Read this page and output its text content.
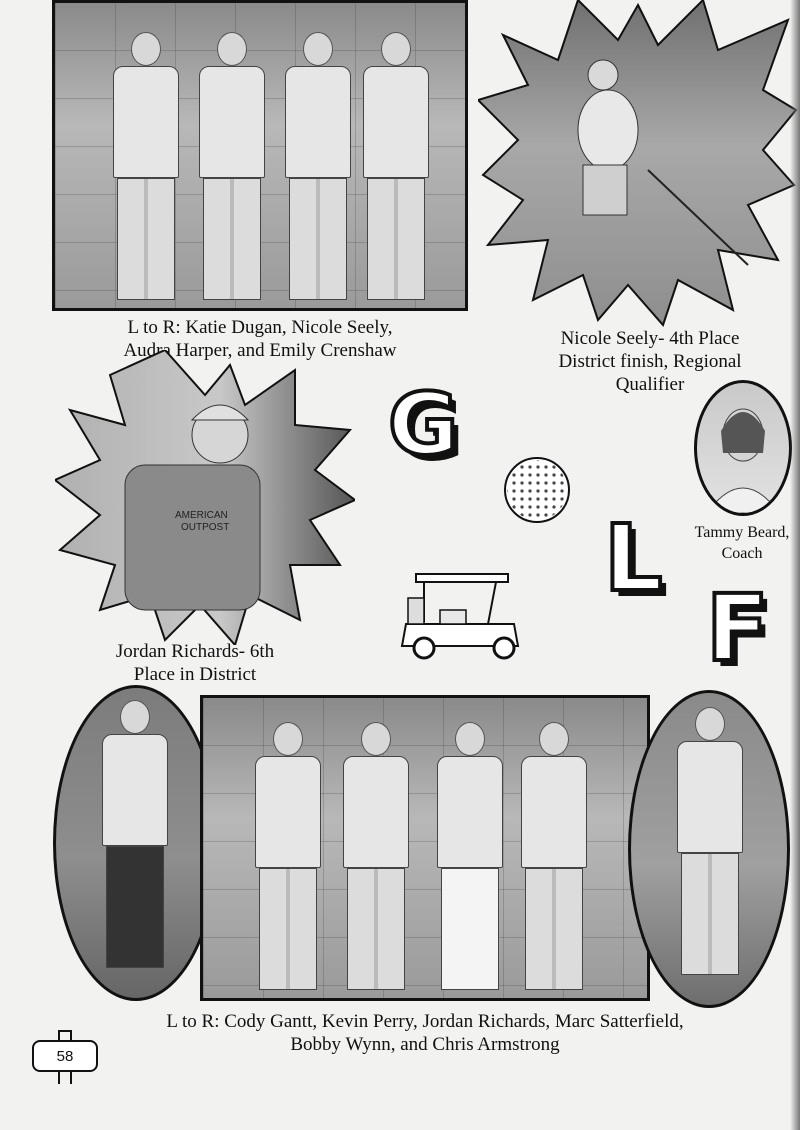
L to R: Katie Dugan, Nicole Seely,
Audra Harper, and Emily Crenshaw
Nicole Seely- 4th Place
District finish, Regional
Qualifier
AMERICAN
OUTPOST
Jordan Richards- 6th
Place in District
G
L
F
Tammy Beard,
Coach
L to R: Cody Gantt, Kevin Perry, Jordan Richards, Marc Satterfield,
Bobby Wynn, and Chris Armstrong
58
